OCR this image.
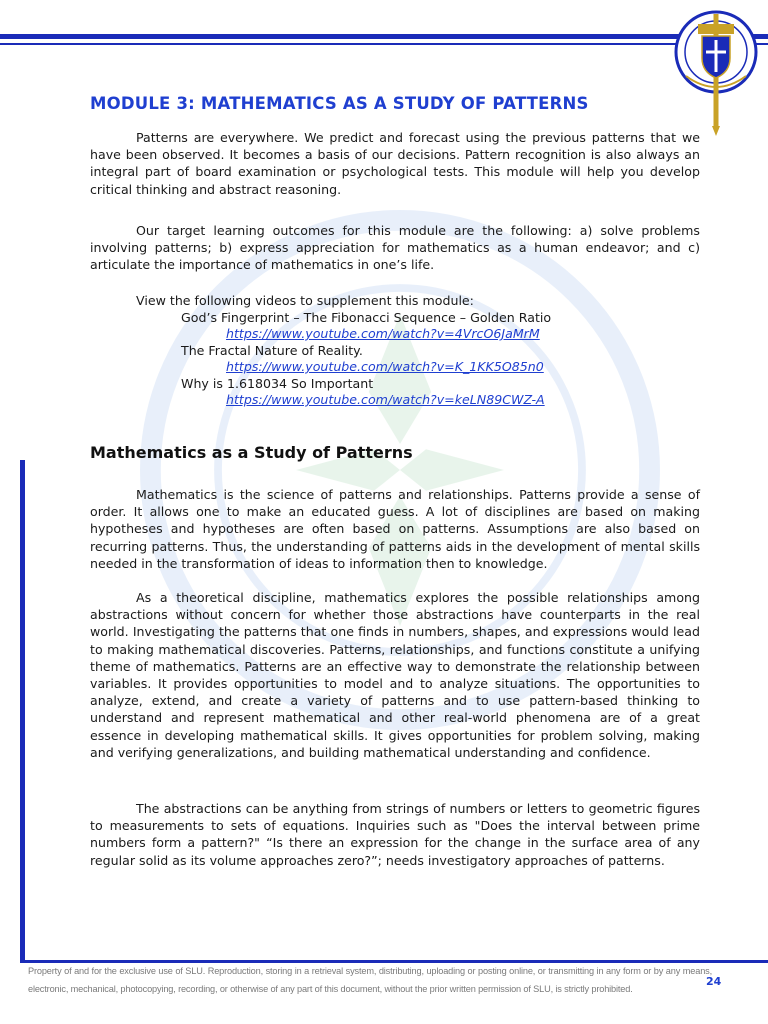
MODULE 3: MATHEMATICS AS A STUDY OF PATTERNS

Patterns are everywhere. We predict and forecast using the previous patterns that we have been observed. It becomes a basis of our decisions. Pattern recognition is also always an integral part of board examination or psychological tests. This module will help you develop critical thinking and abstract reasoning.

Our target learning outcomes for this module are the following: a) solve problems involving patterns; b) express appreciation for mathematics as a human endeavor; and c) articulate the importance of mathematics in one’s life.

View the following videos to supplement this module:

God’s Fingerprint – The Fibonacci Sequence – Golden Ratio

https://www.youtube.com/watch?v=4VrcO6JaMrM

The Fractal Nature of Reality.

https://www.youtube.com/watch?v=K_1KK5O85n0

Why is 1.618034 So Important

https://www.youtube.com/watch?v=keLN89CWZ-A

Mathematics as a Study of Patterns

Mathematics is the science of patterns and relationships. Patterns provide a sense of order. It allows one to make an educated guess. A lot of disciplines are based on making hypotheses and hypotheses are often based on patterns. Assumptions are also based on recurring patterns. Thus, the understanding of patterns aids in the development of mental skills needed in the transformation of ideas to information then to knowledge.

As a theoretical discipline, mathematics explores the possible relationships among abstractions without concern for whether those abstractions have counterparts in the real world. Investigating the patterns that one finds in numbers, shapes, and expressions would lead to making mathematical discoveries. Patterns, relationships, and functions constitute a unifying theme of mathematics. Patterns are an effective way to demonstrate the relationship between variables. It provides opportunities to model and to analyze situations. The opportunities to analyze, extend, and create a variety of patterns and to use pattern-based thinking to understand and represent mathematical and other real-world phenomena are of a great essence in developing mathematical skills. It gives opportunities for problem solving, making and verifying generalizations, and building mathematical understanding and confidence.

The abstractions can be anything from strings of numbers or letters to geometric figures to measurements to sets of equations. Inquiries such as "Does the interval between prime numbers form a pattern?" “Is there an expression for the change in the surface area of any regular solid as its volume approaches zero?”; needs investigatory approaches of patterns.

Property of and for the exclusive use of SLU. Reproduction, storing in a retrieval system, distributing, uploading or posting online, or transmitting in any form or by any means, electronic, mechanical, photocopying, recording, or otherwise of any part of this document, without the prior written permission of SLU, is strictly prohibited.
24
